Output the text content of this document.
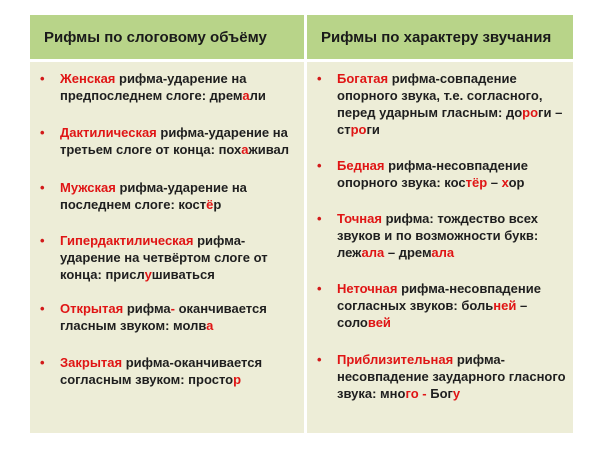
Рифмы по слоговому объёму	Рифмы по характеру звучания
• Женская рифма-ударение на предпоследнем слоге: дремали
• Дактилическая рифма-ударение на третьем слоге от конца: похаживал
• Мужская рифма-ударение на последнем слоге: костёр
• Гипердактилическая рифма-ударение на четвёртом слоге от конца: прислушиваться
• Открытая рифма- оканчивается гласным звуком: молва
• Закрытая рифма-оканчивается согласным звуком: простор
• Богатая рифма-совпадение опорного звука, т.е. согласного, перед ударным гласным: дороги – строги
• Бедная рифма-несовпадение опорного звука: костёр – хор
• Точная рифма: тождество всех звуков и по возможности букв: лежала – дремала
• Неточная рифма-несовпадение согласных звуков: больней – соловей
• Приблизительная рифма-несовпадение заударного гласного звука: много - Богу
